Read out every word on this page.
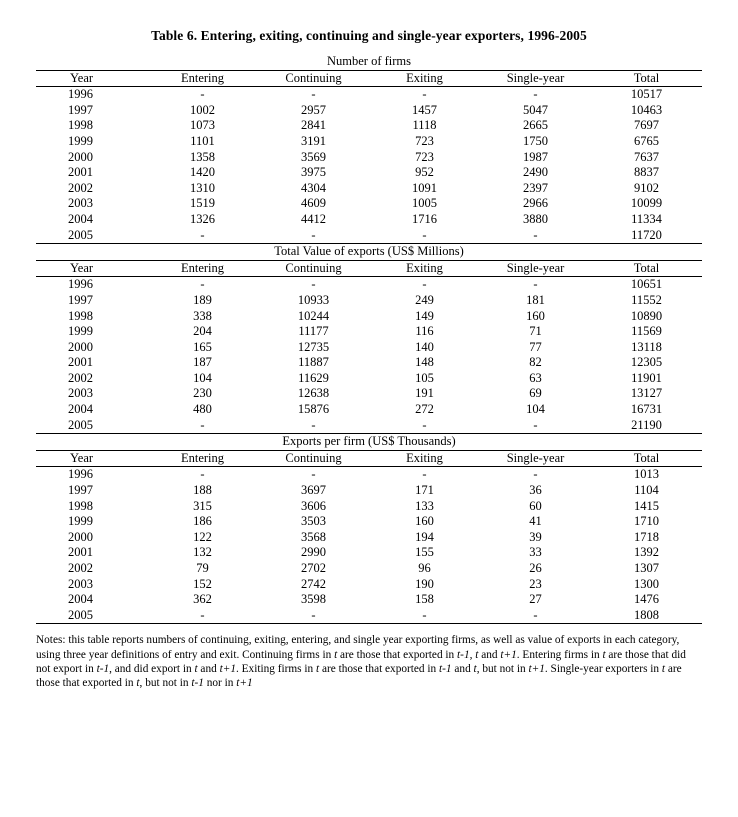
Table 6. Entering, exiting, continuing and single-year exporters, 1996-2005
Number of firms					
Year	Entering	Continuing	Exiting	Single-year	Total
1996	-	-	-	-	10517
1997	1002	2957	1457	5047	10463
1998	1073	2841	1118	2665	7697
1999	1101	3191	723	1750	6765
2000	1358	3569	723	1987	7637
2001	1420	3975	952	2490	8837
2002	1310	4304	1091	2397	9102
2003	1519	4609	1005	2966	10099
2004	1326	4412	1716	3880	11334
2005	-	-	-	-	11720
Total Value of exports (US$ Millions)					
Year	Entering	Continuing	Exiting	Single-year	Total
1996	-	-	-	-	10651
1997	189	10933	249	181	11552
1998	338	10244	149	160	10890
1999	204	11177	116	71	11569
2000	165	12735	140	77	13118
2001	187	11887	148	82	12305
2002	104	11629	105	63	11901
2003	230	12638	191	69	13127
2004	480	15876	272	104	16731
2005	-	-	-	-	21190
Exports per firm (US$ Thousands)					
Year	Entering	Continuing	Exiting	Single-year	Total
1996	-	-	-	-	1013
1997	188	3697	171	36	1104
1998	315	3606	133	60	1415
1999	186	3503	160	41	1710
2000	122	3568	194	39	1718
2001	132	2990	155	33	1392
2002	79	2702	96	26	1307
2003	152	2742	190	23	1300
2004	362	3598	158	27	1476
2005	-	-	-	-	1808
Notes: this table reports numbers of continuing, exiting, entering, and single year exporting firms, as well as value of exports in each category, using three year definitions of entry and exit. Continuing firms in t are those that exported in t-1, t and t+1. Entering firms in t are those that did not export in t-1, and did export in t and t+1. Exiting firms in t are those that exported in t-1 and t, but not in t+1. Single-year exporters in t are those that exported in t, but not in t-1 nor in t+1
